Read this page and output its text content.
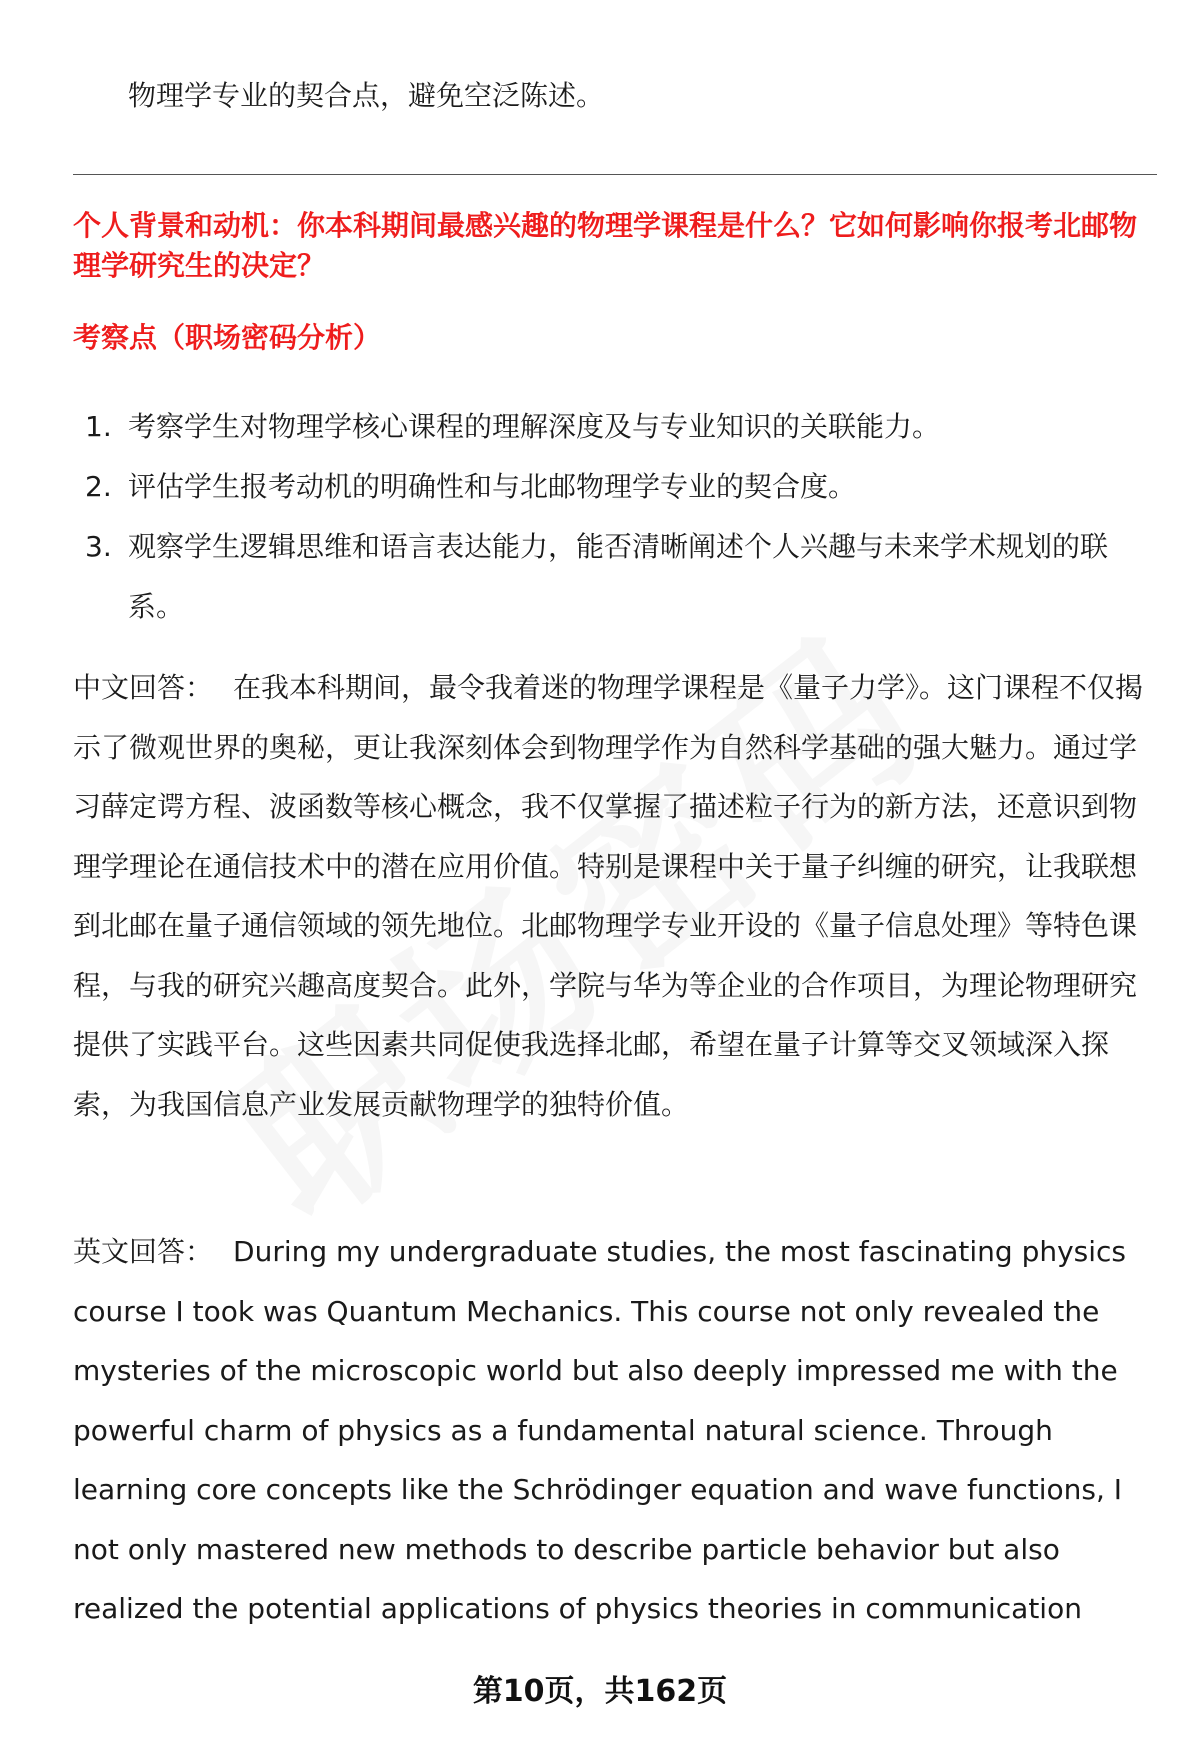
物理学专业的契合点，避免空泛陈述。
个人背景和动机：你本科期间最感兴趣的物理学课程是什么？它如何影响你报考北邮物理学研究生的决定？
考察点（职场密码分析）
1. 考察学生对物理学核心课程的理解深度及与专业知识的关联能力。
2. 评估学生报考动机的明确性和与北邮物理学专业的契合度。
3. 观察学生逻辑思维和语言表达能力，能否清晰阐述个人兴趣与未来学术规划的联系。

中文回答： 在我本科期间，最令我着迷的物理学课程是《量子力学》。这门课程不仅揭示了微观世界的奥秘，更让我深刻体会到物理学作为自然科学基础的强大魅力。通过学习薛定谔方程、波函数等核心概念，我不仅掌握了描述粒子行为的新方法，还意识到物理学理论在通信技术中的潜在应用价值。特别是课程中关于量子纠缠的研究，让我联想到北邮在量子通信领域的领先地位。北邮物理学专业开设的《量子信息处理》等特色课程，与我的研究兴趣高度契合。此外，学院与华为等企业的合作项目，为理论物理研究提供了实践平台。这些因素共同促使我选择北邮，希望在量子计算等交叉领域深入探索，为我国信息产业发展贡献物理学的独特价值。

英文回答： During my undergraduate studies, the most fascinating physics course I took was Quantum Mechanics. This course not only revealed the mysteries of the microscopic world but also deeply impressed me with the powerful charm of physics as a fundamental natural science. Through learning core concepts like the Schrödinger equation and wave functions, I not only mastered new methods to describe particle behavior but also realized the potential applications of physics theories in communication

第10页，共162页
